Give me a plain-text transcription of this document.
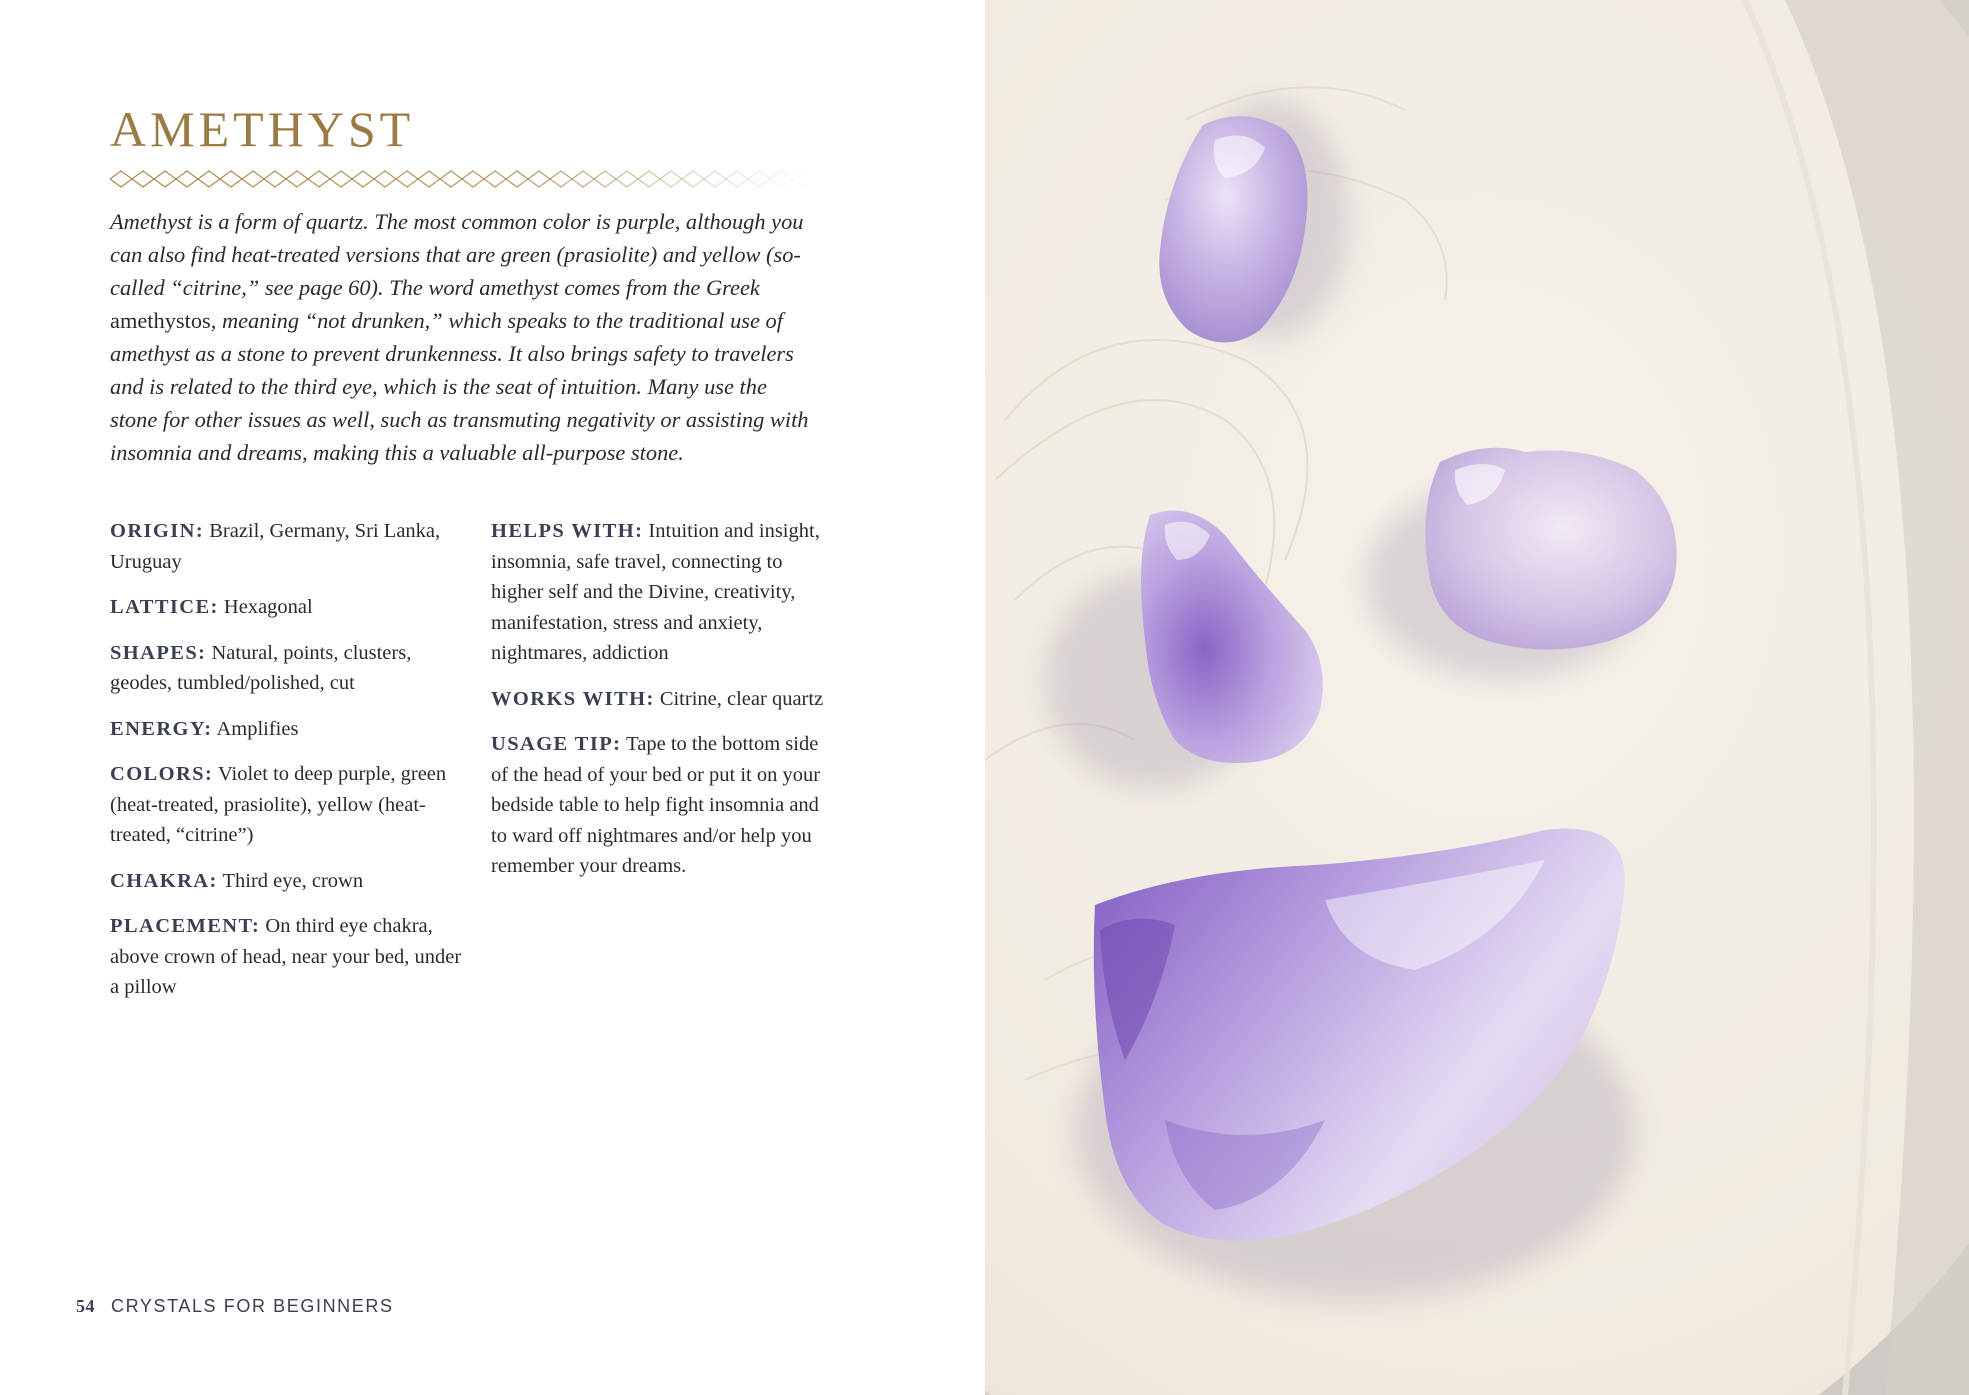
AMETHYST

Amethyst is a form of quartz. The most common color is purple, although you can also find heat-treated versions that are green (prasiolite) and yellow (so-called “citrine,” see page 60). The word amethyst comes from the Greek amethystos, meaning “not drunken,” which speaks to the traditional use of amethyst as a stone to prevent drunkenness. It also brings safety to travelers and is related to the third eye, which is the seat of intuition. Many use the stone for other issues as well, such as transmuting negativity or assisting with insomnia and dreams, making this a valuable all-purpose stone.

ORIGIN: Brazil, Germany, Sri Lanka, Uruguay

LATTICE: Hexagonal

SHAPES: Natural, points, clusters, geodes, tumbled/polished, cut

ENERGY: Amplifies

COLORS: Violet to deep purple, green (heat-treated, prasiolite), yellow (heat-treated, “citrine”)

CHAKRA: Third eye, crown

PLACEMENT: On third eye chakra, above crown of head, near your bed, under a pillow

HELPS WITH: Intuition and insight, insomnia, safe travel, connecting to higher self and the Divine, creativity, manifestation, stress and anxiety, nightmares, addiction

WORKS WITH: Citrine, clear quartz

USAGE TIP: Tape to the bottom side of the head of your bed or put it on your bedside table to help fight insomnia and to ward off nightmares and/or help you remember your dreams.

54 CRYSTALS FOR BEGINNERS
